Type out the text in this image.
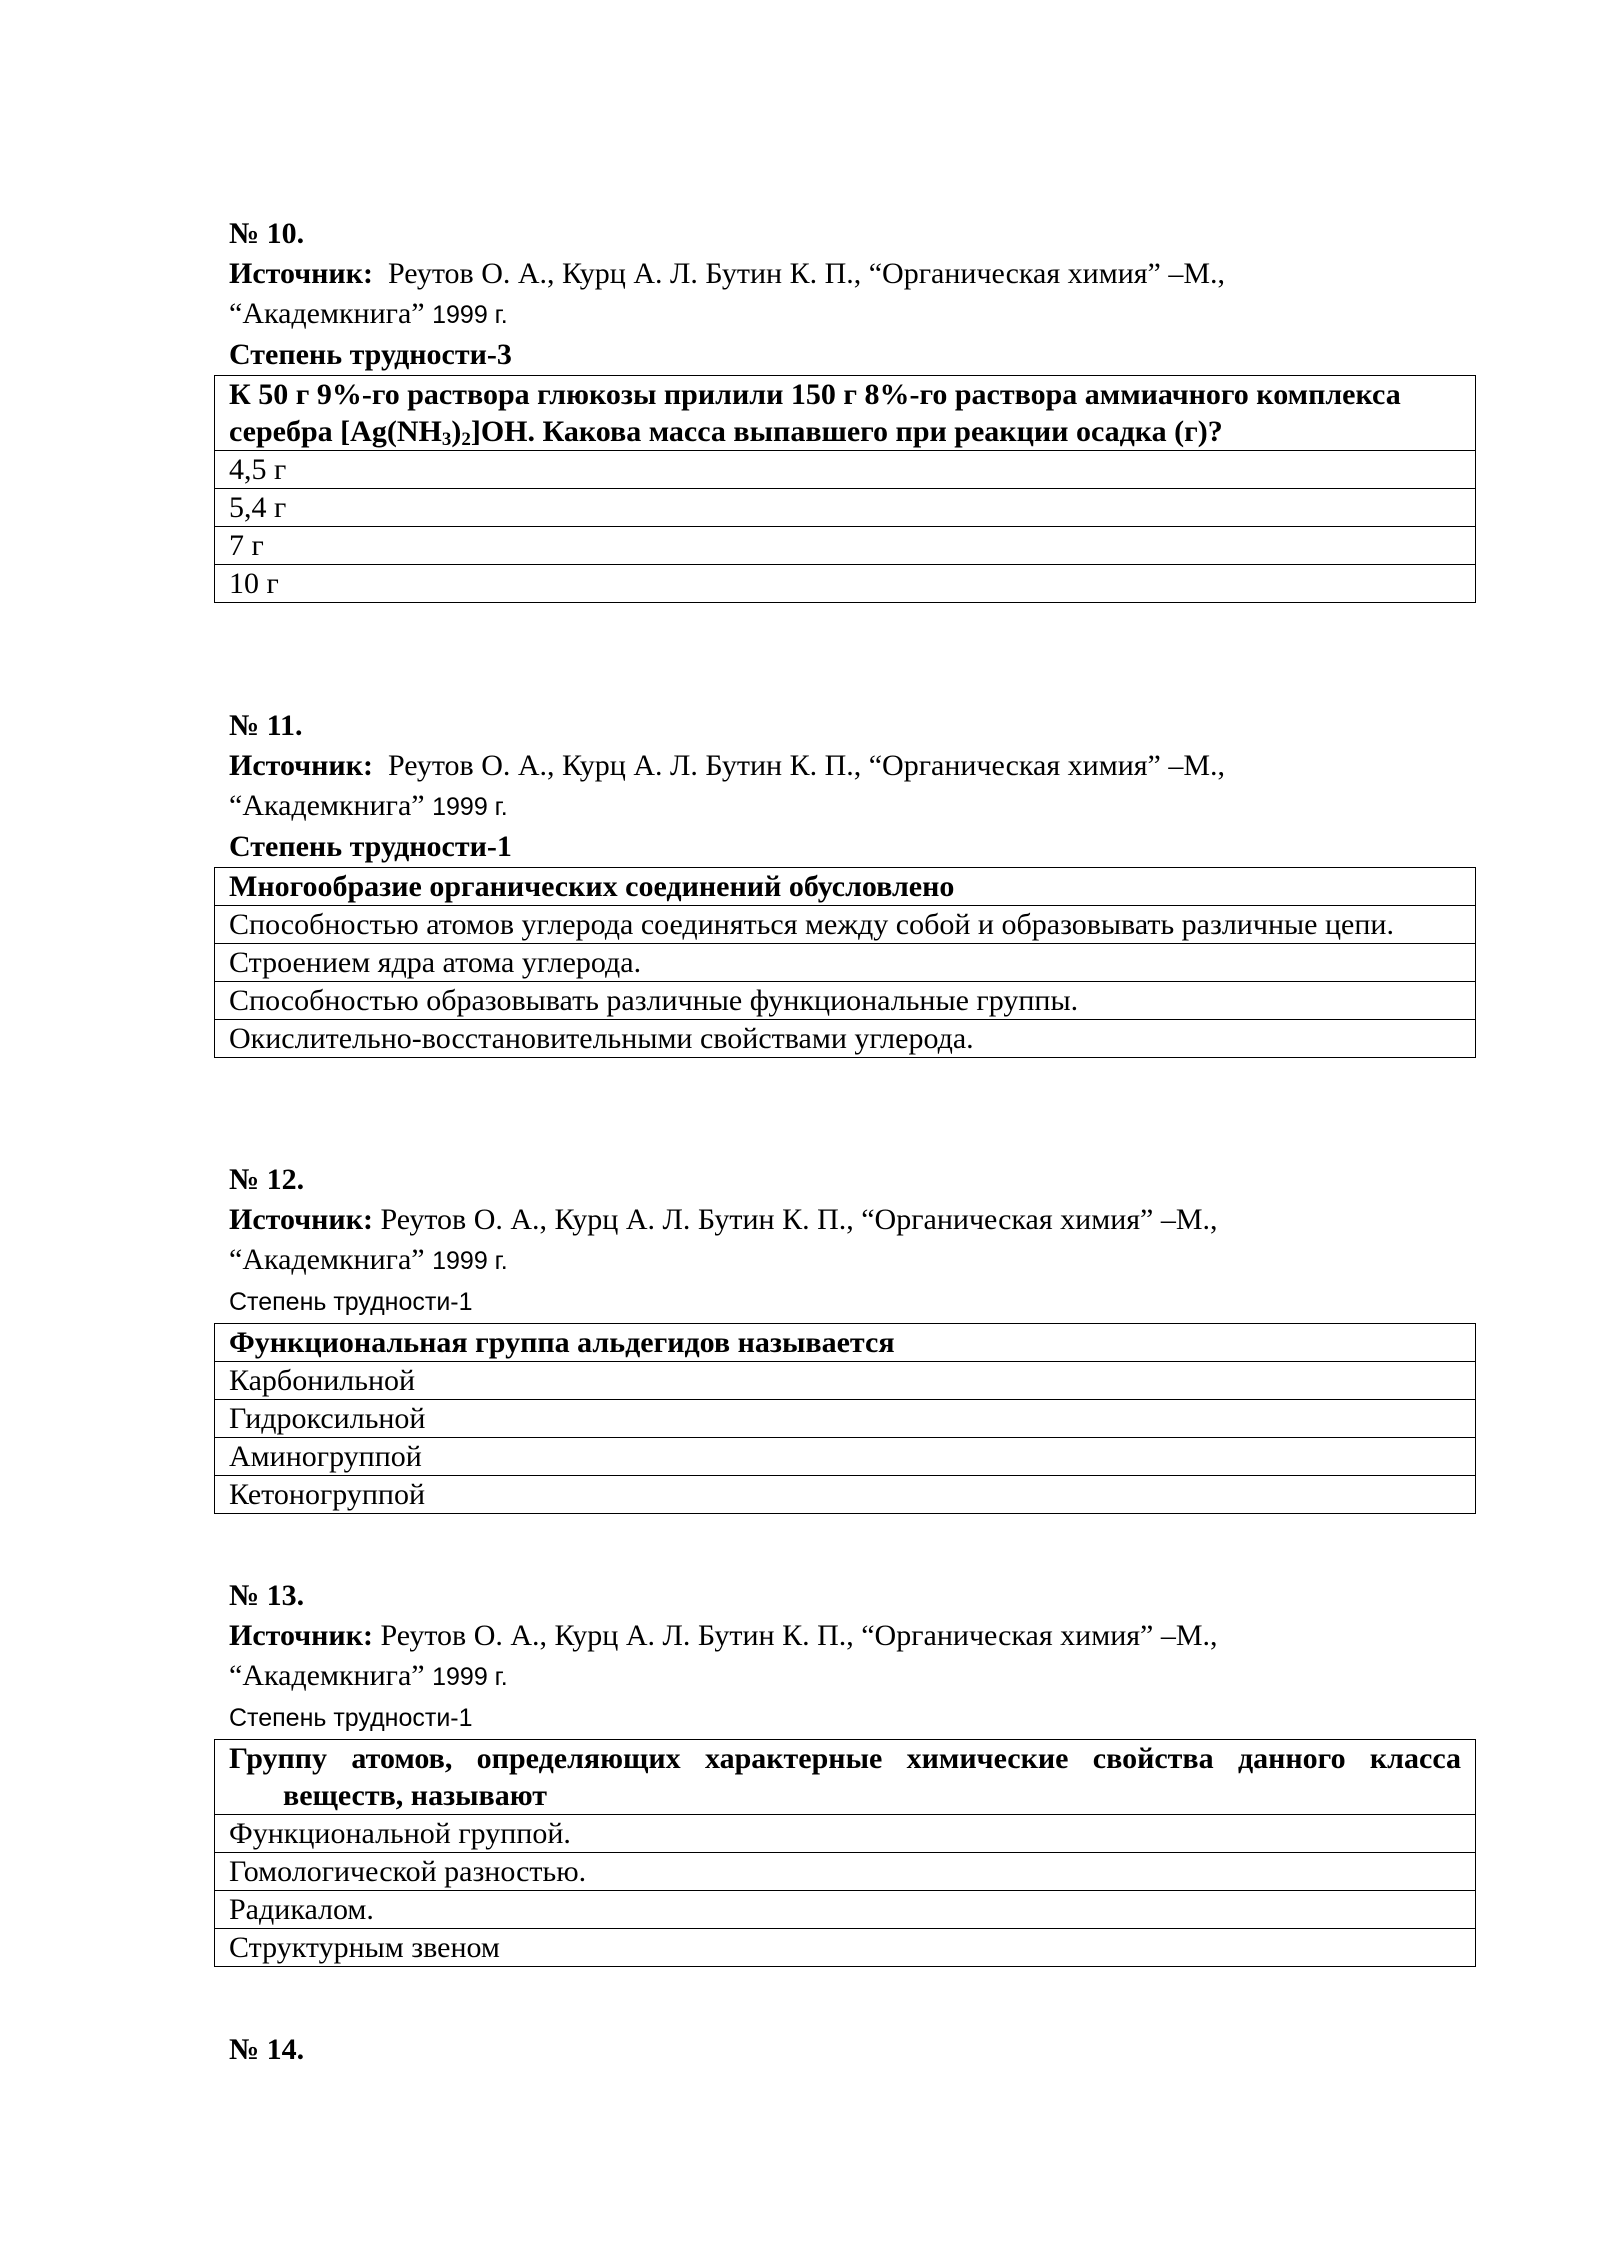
№ 10.
Источник: Реутов О. А., Курц А. Л. Бутин К. П., “Органическая химия” –М.,
“Академкнига” 1999 г.
Степень трудности-3
К 50 г 9%-го раствора глюкозы прилили 150 г 8%-го раствора аммиачного комплекса серебра $[Ag(NH_3)_2]OH$. Какова масса выпавшего при реакции осадка (г)?
4,5 г
5,4 г
7 г
10 г
№ 11.
Источник: Реутов О. А., Курц А. Л. Бутин К. П., “Органическая химия” –М.,
“Академкнига” 1999 г.
Степень трудности-1
Многообразие органических соединений обусловлено
Способностью атомов углерода соединяться между собой и образовывать различные цепи.
Строением ядра атома углерода.
Способностью образовывать различные функциональные группы.
Окислительно-восстановительными свойствами углерода.
№ 12.
Источник: Реутов О. А., Курц А. Л. Бутин К. П., “Органическая химия” –М.,
“Академкнига” 1999 г.
Степень трудности-1
Функциональная группа альдегидов называется
Карбонильной
Гидроксильной
Аминогруппой
Кетоногруппой
№ 13.
Источник: Реутов О. А., Курц А. Л. Бутин К. П., “Органическая химия” –М.,
“Академкнига” 1999 г.
Степень трудности-1
Группу атомов, определяющих характерные химические свойства данного класса
веществ, называют

Функциональной группой.
Гомологической разностью.
Радикалом.
Структурным звеном
№ 14.
